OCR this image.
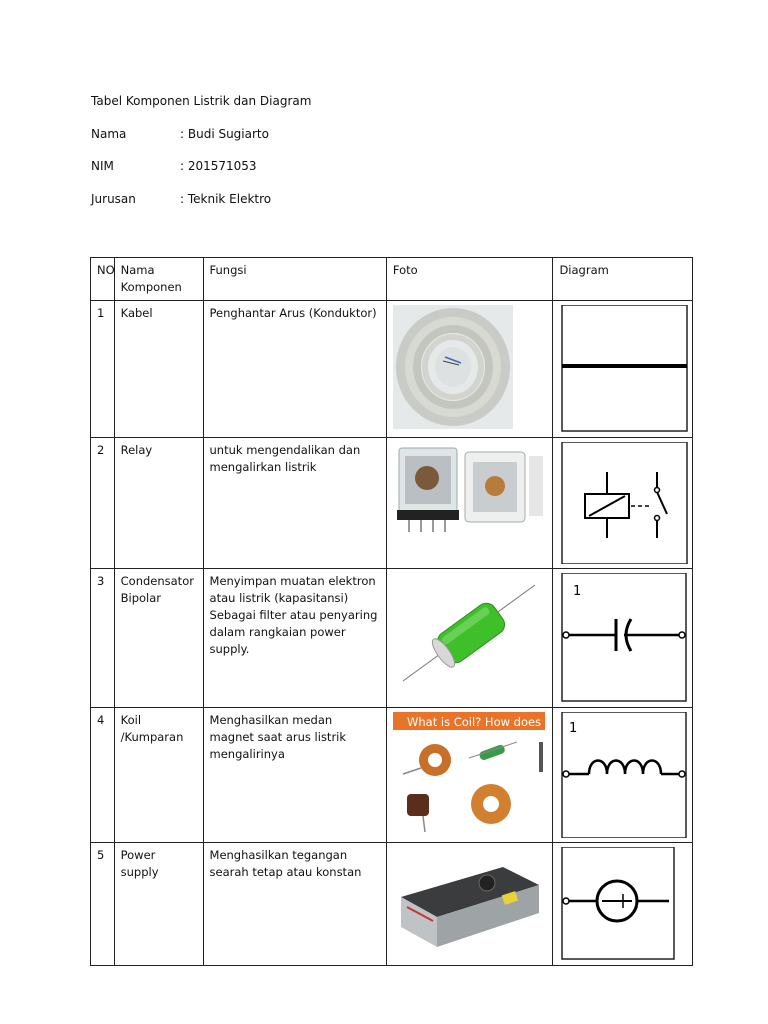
Tabel Komponen Listrik dan Diagram
Nama	: Budi Sugiarto
NIM	: 201571053
Jurusan	: Teknik Elektro
NO	Nama Komponen	Fungsi	Foto	Diagram
1	Kabel	Penghantar Arus (Konduktor)	

2	Relay	untuk mengendalikan dan mengalirkan listrik	

3	Condensator Bipolar	Menyimpan muatan elektron atau listrik (kapasitansi) Sebagai filter atau penyaring dalam rangkaian power supply.		1

4	Koil /Kumparan	Menghasilkan medan magnet saat arus listrik mengalirinya	What is Coil? How does	1

5	Power supply	Menghasilkan tegangan searah tetap atau konstan	
